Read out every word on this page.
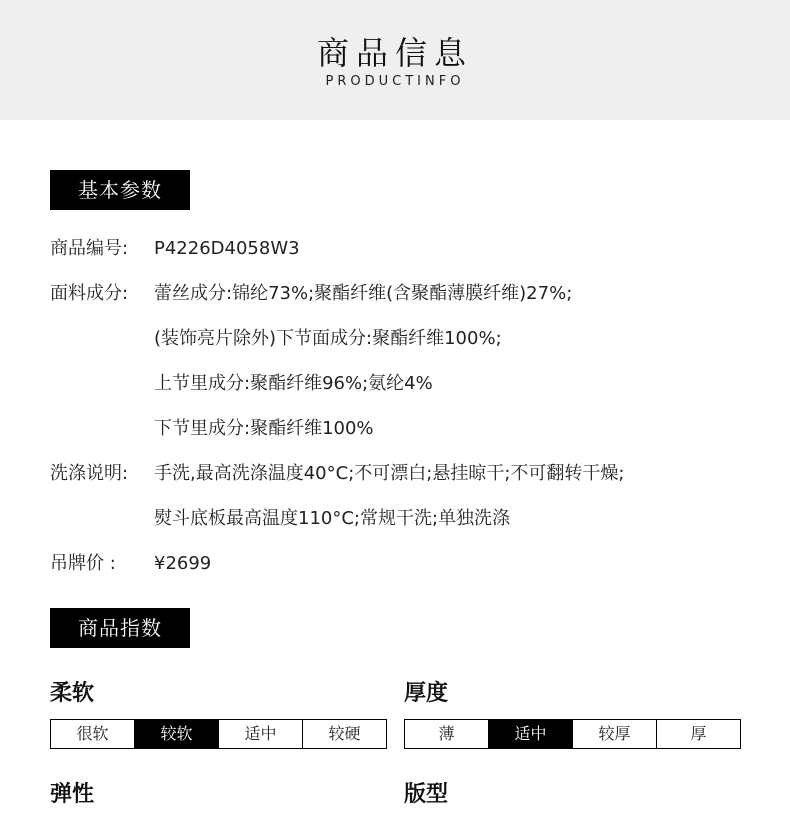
商品信息
PRODUCTINFO
基本参数
商品编号: P4226D4058W3
面料成分: 蕾丝成分:锦纶73%;聚酯纤维(含聚酯薄膜纤维)27%;
(装饰亮片除外)下节面成分:聚酯纤维100%;
上节里成分:聚酯纤维96%;氨纶4%
下节里成分:聚酯纤维100%
洗涤说明: 手洗,最高洗涤温度40°C;不可漂白;悬挂晾干;不可翻转干燥;
熨斗底板最高温度110°C;常规干洗;单独洗涤
吊牌价 : ¥2699
商品指数
柔软	厚度
很软	较软	适中	较硬	薄	适中	较厚	厚
弹性	版型
